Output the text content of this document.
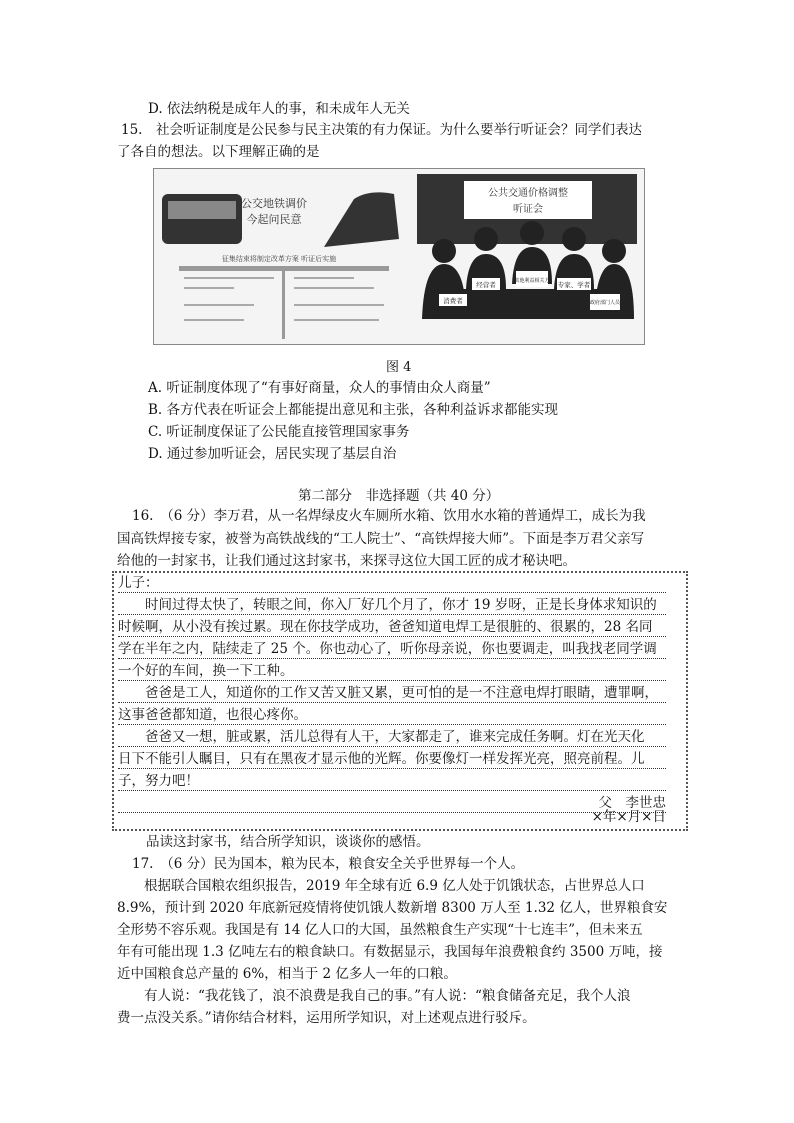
D. 依法纳税是成年人的事，和未成年人无关
15.　社会听证制度是公民参与民主决策的有力保证。为什么要举行听证会？同学们表达
了各自的想法。以下理解正确的是
公交地铁调价
今起问民意
征集结束将制定改革方案 听证后实施
公共交通价格调整
听证会
消费者
经营者	其他利益相关方 专家、学者
政府部门人员
图 4
A. 听证制度体现了“有事好商量，众人的事情由众人商量”
B. 各方代表在听证会上都能提出意见和主张，各种利益诉求都能实现
C. 听证制度保证了公民能直接管理国家事务
D. 通过参加听证会，居民实现了基层自治
第二部分　非选择题（共 40 分）
16.　（6 分）李万君，从一名焊绿皮火车厕所水箱、饮用水水箱的普通焊工，成长为我
国高铁焊接专家，被誉为高铁战线的“工人院士”、“高铁焊接大师”。下面是李万君父亲写
给他的一封家书，让我们通过这封家书，来探寻这位大国工匠的成才秘诀吧。
儿子：
　　时间过得太快了，转眼之间，你入厂好几个月了，你才 19 岁呀，正是长身体求知识的
时候啊，从小没有挨过累。现在你技学成功，爸爸知道电焊工是很脏的、很累的，28 名同
学在半年之内，陆续走了 25 个。你也动心了，听你母亲说，你也要调走，叫我找老同学调
一个好的车间，换一下工种。
　　爸爸是工人，知道你的工作又苦又脏又累，更可怕的是一不注意电焊打眼睛，遭罪啊，
这事爸爸都知道，也很心疼你。
　　爸爸又一想，脏或累，活儿总得有人干，大家都走了，谁来完成任务啊。灯在光天化
日下不能引人瞩目，只有在黑夜才显示他的光辉。你要像灯一样发挥光亮，照亮前程。儿
子，努力吧！
父　李世忠
×年×月×日
品读这封家书，结合所学知识，谈谈你的感悟。
17.　（6 分）民为国本，粮为民本，粮食安全关乎世界每一个人。
　　根据联合国粮农组织报告，2019 年全球有近 6.9 亿人处于饥饿状态，占世界总人口
8.9%，预计到 2020 年底新冠疫情将使饥饿人数新增 8300 万人至 1.32 亿人，世界粮食安
全形势不容乐观。我国是有 14 亿人口的大国，虽然粮食生产实现“十七连丰”，但未来五
年有可能出现 1.3 亿吨左右的粮食缺口。有数据显示，我国每年浪费粮食约 3500 万吨，接
近中国粮食总产量的 6%，相当于 2 亿多人一年的口粮。
　　有人说：“我花钱了，浪不浪费是我自己的事。”有人说：“粮食储备充足，我个人浪
费一点没关系。”请你结合材料，运用所学知识，对上述观点进行驳斥。
